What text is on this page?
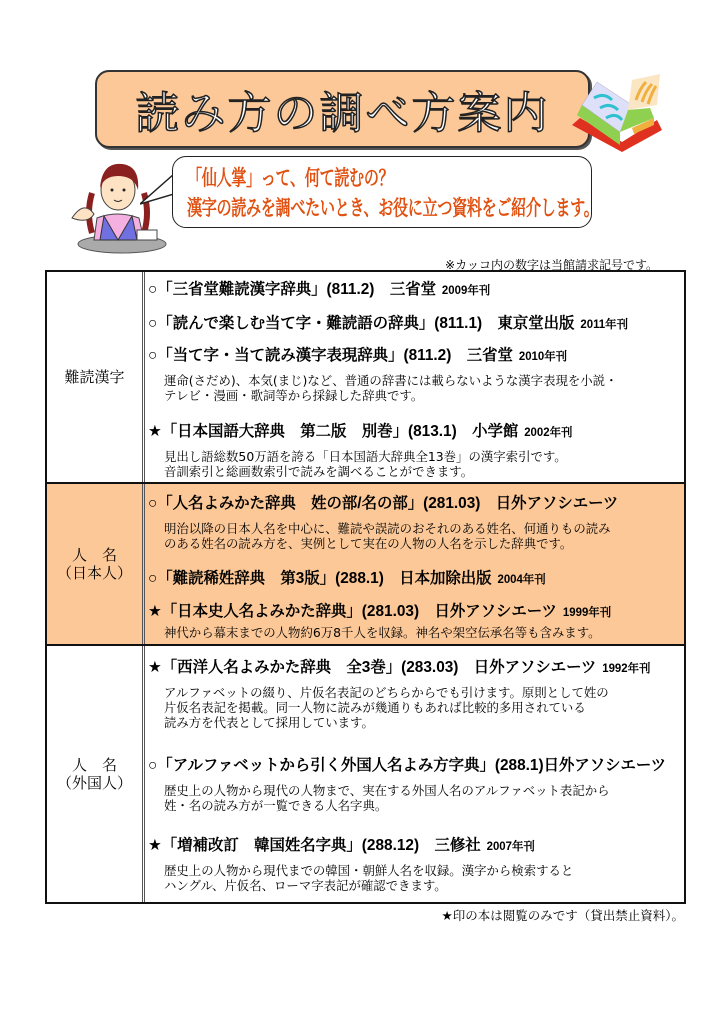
読み方の調べ方案内
「仙人掌」って、何て読むの？
漢字の読みを調べたいとき、お役に立つ資料をご紹介します。
※カッコ内の数字は当館請求記号です。
難読漢字
○「三省堂難読漢字辞典」(811.2)　三省堂 2009年刊
○「読んで楽しむ当て字・難読語の辞典」(811.1)　東京堂出版 2011年刊
○「当て字・当て読み漢字表現辞典」(811.2)　三省堂 2010年刊
運命(さだめ)、本気(まじ)など、普通の辞書には載らないような漢字表現を小説・
テレビ・漫画・歌詞等から採録した辞典です。
★「日本国語大辞典　第二版　別巻」(813.1)　小学館 2002年刊
見出し語総数50万語を誇る「日本国語大辞典全13巻」の漢字索引です。
音訓索引と総画数索引で読みを調べることができます。
人　名
（日本人）
○「人名よみかた辞典　姓の部/名の部」(281.03)　日外アソシエーツ
明治以降の日本人名を中心に、難読や誤読のおそれのある姓名、何通りもの読み
のある姓名の読み方を、実例として実在の人物の人名を示した辞典です。
○「難読稀姓辞典　第3版」(288.1)　日本加除出版 2004年刊
★「日本史人名よみかた辞典」(281.03)　日外アソシエーツ 1999年刊
神代から幕末までの人物約6万8千人を収録。神名や架空伝承名等も含みます。
人　名
（外国人）
★「西洋人名よみかた辞典　全3巻」(283.03)　日外アソシエーツ 1992年刊
アルファベットの綴り、片仮名表記のどちらからでも引けます。原則として姓の
片仮名表記を掲載。同一人物に読みが幾通りもあれば比較的多用されている
読み方を代表として採用しています。
○「アルファベットから引く外国人名よみ方字典」(288.1)日外アソシエーツ
歴史上の人物から現代の人物まで、実在する外国人名のアルファベット表記から
姓・名の読み方が一覧できる人名字典。
★「増補改訂　韓国姓名字典」(288.12)　三修社 2007年刊
歴史上の人物から現代までの韓国・朝鮮人名を収録。漢字から検索すると
ハングル、片仮名、ローマ字表記が確認できます。
★印の本は閲覧のみです（貸出禁止資料）。
